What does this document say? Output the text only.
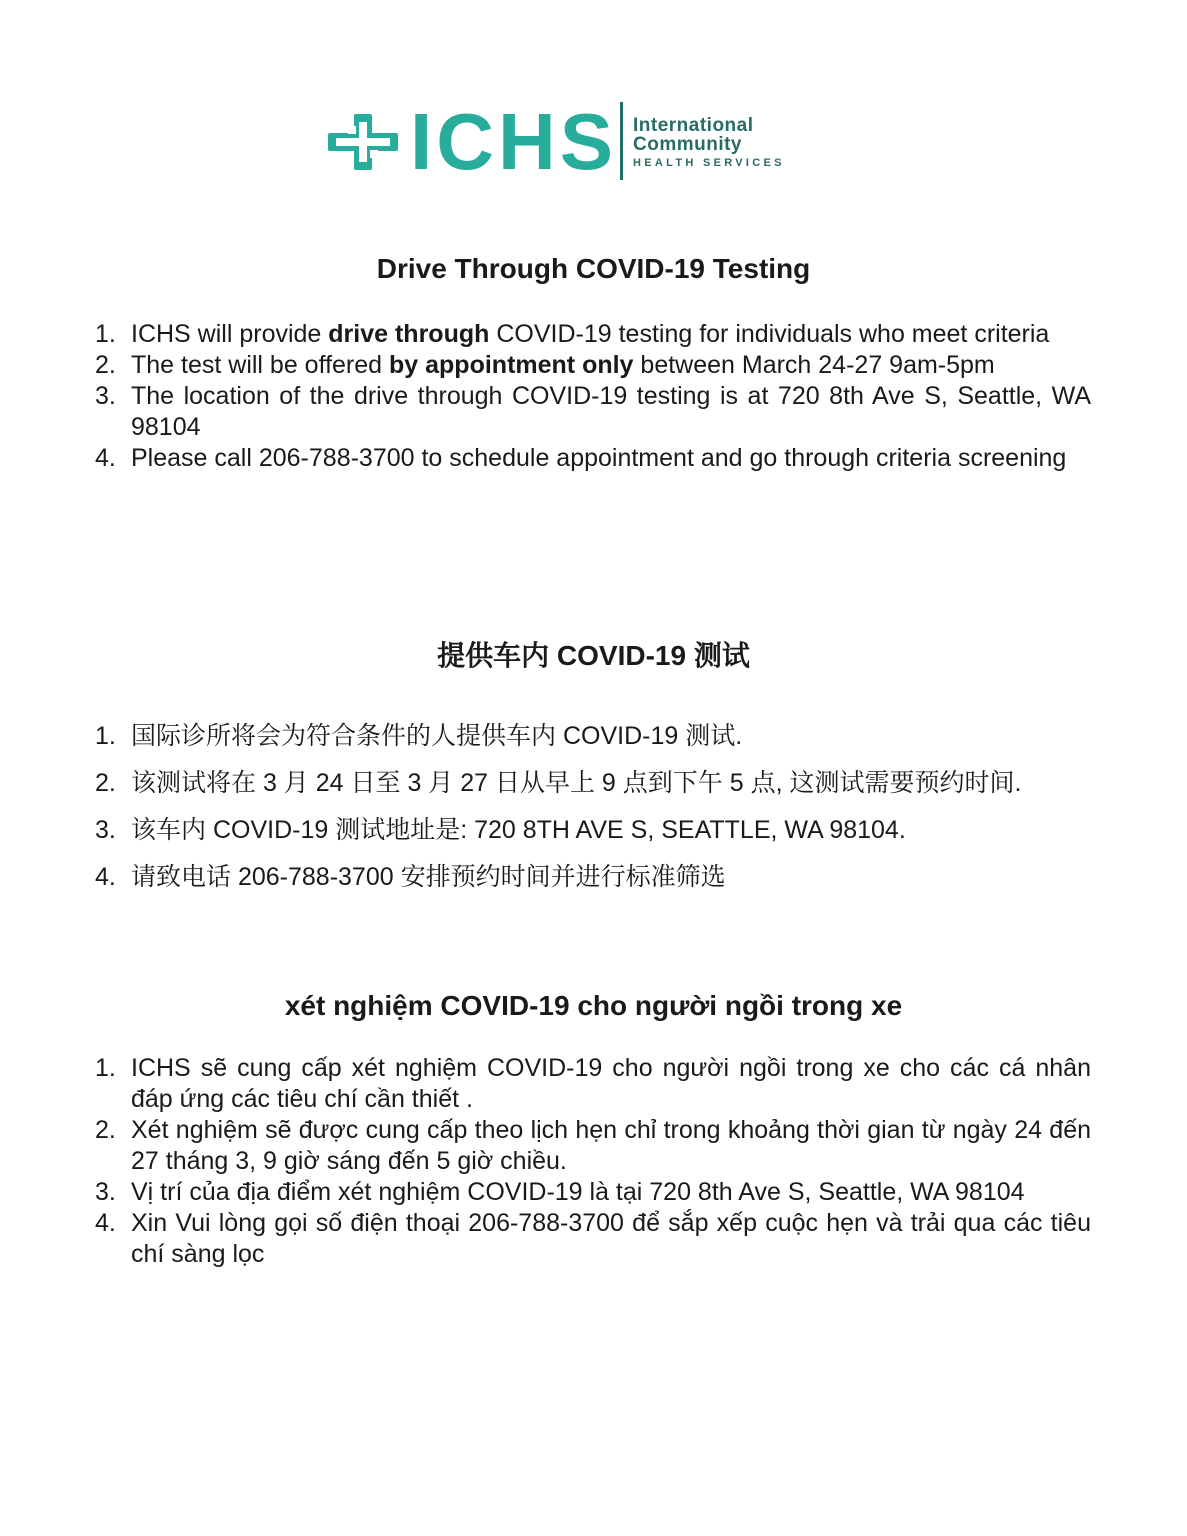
ICHS International
Community
HEALTH SERVICES
Drive Through COVID-19 Testing
1. ICHS will provide drive through COVID-19 testing for individuals who meet criteria
2. The test will be offered by appointment only between March 24-27 9am-5pm
3. The location of the drive through COVID-19 testing is at 720 8th Ave S, Seattle, WA 98104
4. Please call 206-788-3700 to schedule appointment and go through criteria screening
提供车内 COVID-19 测试
1. 国际诊所将会为符合条件的人提供车内 COVID-19 测试.
2. 该测试将在 3 月 24 日至 3 月 27 日从早上 9 点到下午 5 点, 这测试需要预约时间.
3. 该车内 COVID-19 测试地址是: 720 8TH AVE S, SEATTLE, WA 98104.
4. 请致电话 206-788-3700 安排预约时间并进行标准筛选
xét nghiệm COVID-19 cho người ngồi trong xe
1. ICHS sẽ cung cấp xét nghiệm COVID-19 cho người ngồi trong xe cho các cá nhân đáp ứng các tiêu chí cần thiết .
2. Xét nghiệm sẽ được cung cấp theo lịch hẹn chỉ trong khoảng thời gian từ ngày 24 đến 27 tháng 3, 9 giờ sáng đến 5 giờ chiều.
3. Vị trí của địa điểm xét nghiệm COVID-19 là tại 720 8th Ave S, Seattle, WA 98104
4. Xin Vui lòng gọi số điện thoại 206-788-3700 để sắp xếp cuộc hẹn và trải qua các tiêu chí sàng lọc
